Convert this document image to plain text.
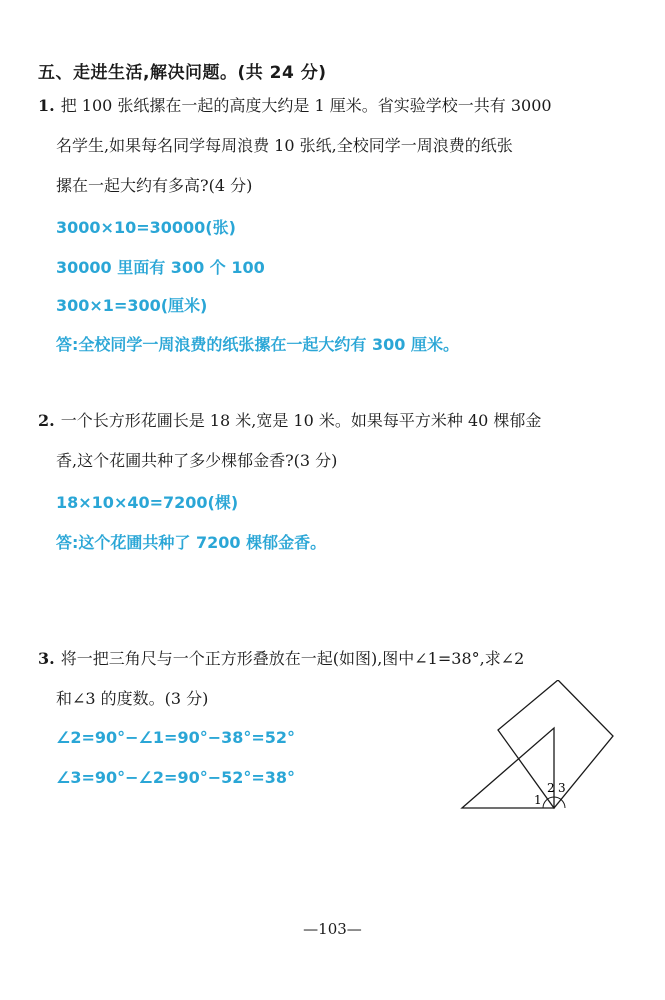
五、走进生活,解决问题。(共 24 分)
1. 把 100 张纸摞在一起的高度大约是 1 厘米。省实验学校一共有 3000
名学生,如果每名同学每周浪费 10 张纸,全校同学一周浪费的纸张
摞在一起大约有多高?(4 分)
3000×10=30000(张)
30000 里面有 300 个 100
300×1=300(厘米)
答:全校同学一周浪费的纸张摞在一起大约有 300 厘米。
2. 一个长方形花圃长是 18 米,宽是 10 米。如果每平方米种 40 棵郁金
香,这个花圃共种了多少棵郁金香?(3 分)
18×10×40=7200(棵)
答:这个花圃共种了 7200 棵郁金香。
3. 将一把三角尺与一个正方形叠放在一起(如图),图中∠1=38°,求∠2
和∠3 的度数。(3 分)
∠2=90°−∠1=90°−38°=52°
∠3=90°−∠2=90°−52°=38°
1
2 3
—103—
